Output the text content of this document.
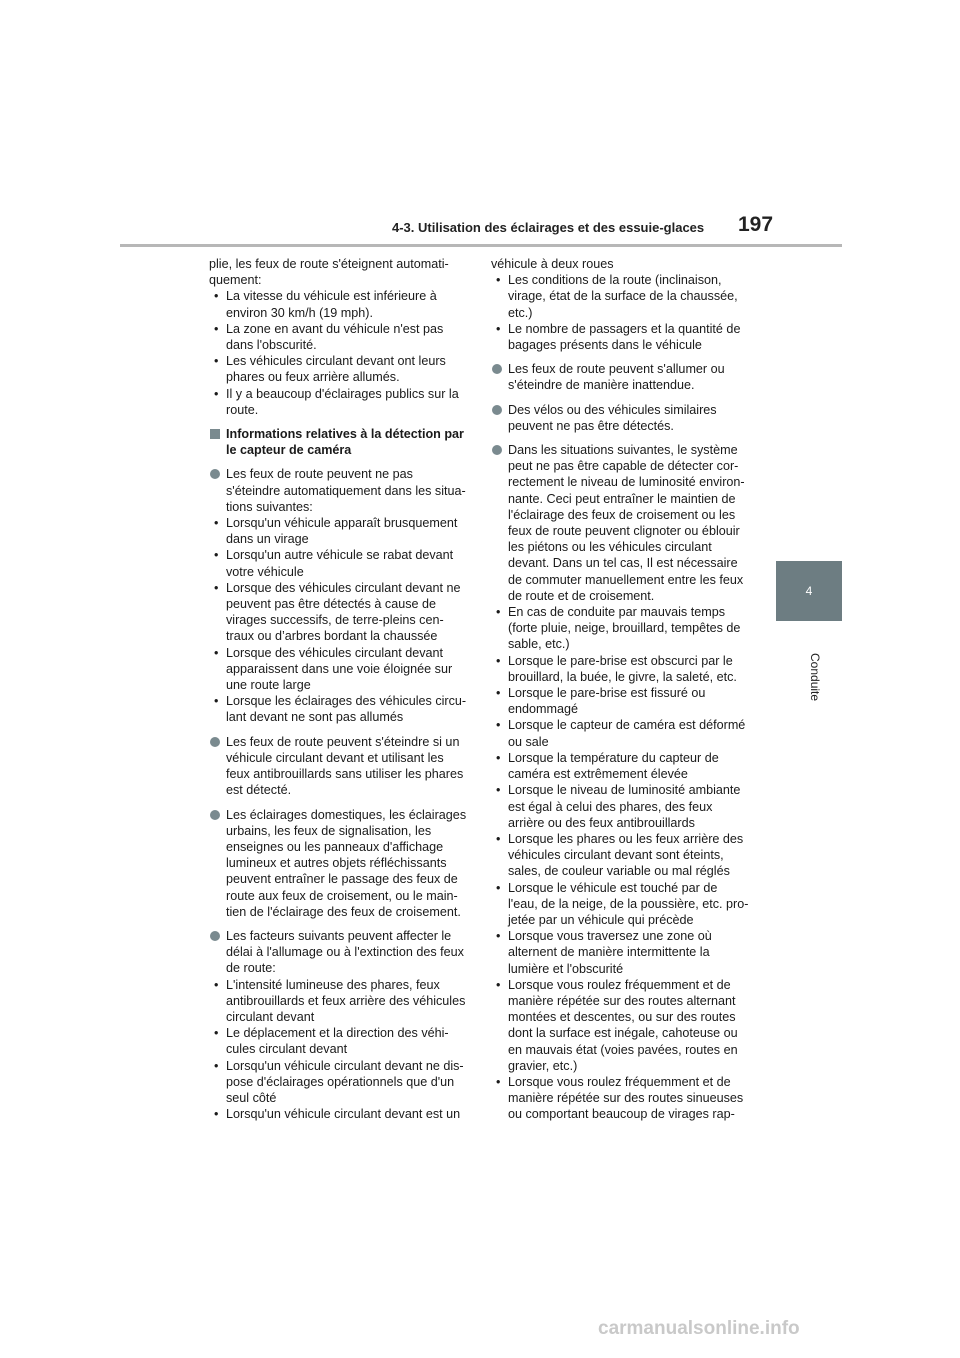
4-3. Utilisation des éclairages et des essuie-glaces 197
4
Conduite

plie, les feux de route s'éteignent automati-

quement:

• La vitesse du véhicule est inférieure à

environ 30 km/h (19 mph).

• La zone en avant du véhicule n'est pas

dans l'obscurité.

• Les véhicules circulant devant ont leurs

phares ou feux arrière allumés.

• Il y a beaucoup d'éclairages publics sur la

route.

Informations relatives à la détection par

le capteur de caméra

Les feux de route peuvent ne pas

s'éteindre automatiquement dans les situa-

tions suivantes:

• Lorsqu'un véhicule apparaît brusquement

dans un virage

• Lorsqu'un autre véhicule se rabat devant

votre véhicule

• Lorsque des véhicules circulant devant ne

peuvent pas être détectés à cause de

virages successifs, de terre-pleins cen-

traux ou d’arbres bordant la chaussée

• Lorsque des véhicules circulant devant

apparaissent dans une voie éloignée sur

une route large

• Lorsque les éclairages des véhicules circu-

lant devant ne sont pas allumés

Les feux de route peuvent s'éteindre si un

véhicule circulant devant et utilisant les

feux antibrouillards sans utiliser les phares

est détecté.

Les éclairages domestiques, les éclairages

urbains, les feux de signalisation, les

enseignes ou les panneaux d'affichage

lumineux et autres objets réfléchissants

peuvent entraîner le passage des feux de

route aux feux de croisement, ou le main-

tien de l'éclairage des feux de croisement.

Les facteurs suivants peuvent affecter le

délai à l'allumage ou à l'extinction des feux

de route:

• L'intensité lumineuse des phares, feux

antibrouillards et feux arrière des véhicules

circulant devant

• Le déplacement et la direction des véhi-

cules circulant devant

• Lorsqu'un véhicule circulant devant ne dis-

pose d'éclairages opérationnels que d'un

seul côté

• Lorsqu'un véhicule circulant devant est un

véhicule à deux roues

• Les conditions de la route (inclinaison,

virage, état de la surface de la chaussée,

etc.)

• Le nombre de passagers et la quantité de

bagages présents dans le véhicule

Les feux de route peuvent s'allumer ou

s'éteindre de manière inattendue.

Des vélos ou des véhicules similaires

peuvent ne pas être détectés.

Dans les situations suivantes, le système

peut ne pas être capable de détecter cor-

rectement le niveau de luminosité environ-

nante. Ceci peut entraîner le maintien de

l'éclairage des feux de croisement ou les

feux de route peuvent clignoter ou éblouir

les piétons ou les véhicules circulant

devant. Dans un tel cas, Il est nécessaire

de commuter manuellement entre les feux

de route et de croisement.

• En cas de conduite par mauvais temps

(forte pluie, neige, brouillard, tempêtes de

sable, etc.)

• Lorsque le pare-brise est obscurci par le

brouillard, la buée, le givre, la saleté, etc.

• Lorsque le pare-brise est fissuré ou

endommagé

• Lorsque le capteur de caméra est déformé

ou sale

• Lorsque la température du capteur de

caméra est extrêmement élevée

• Lorsque le niveau de luminosité ambiante

est égal à celui des phares, des feux

arrière ou des feux antibrouillards

• Lorsque les phares ou les feux arrière des

véhicules circulant devant sont éteints,

sales, de couleur variable ou mal réglés

• Lorsque le véhicule est touché par de

l'eau, de la neige, de la poussière, etc. pro-

jetée par un véhicule qui précède

• Lorsque vous traversez une zone où

alternent de manière intermittente la

lumière et l'obscurité

• Lorsque vous roulez fréquemment et de

manière répétée sur des routes alternant

montées et descentes, ou sur des routes

dont la surface est inégale, cahoteuse ou

en mauvais état (voies pavées, routes en

gravier, etc.)

• Lorsque vous roulez fréquemment et de

manière répétée sur des routes sinueuses

ou comportant beaucoup de virages rap-

carmanualsonline.info
